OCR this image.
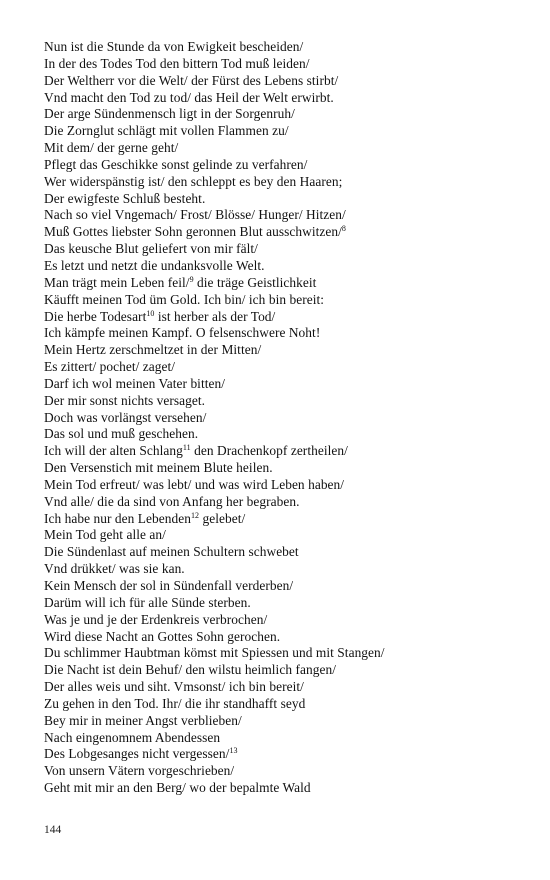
Nun ist die Stunde da von Ewigkeit bescheiden/
In der des Todes Tod den bittern Tod muß leiden/
Der Weltherr vor die Welt/ der Fürst des Lebens stirbt/
Vnd macht den Tod zu tod/ das Heil der Welt erwirbt.
Der arge Sündenmensch ligt in der Sorgenruh/
Die Zornglut schlägt mit vollen Flammen zu/
Mit dem/ der gerne geht/
Pflegt das Geschikke sonst gelinde zu verfahren/
Wer widerspänstig ist/ den schleppt es bey den Haaren;
Der ewigfeste Schluß besteht.
Nach so viel Vngemach/ Frost/ Blösse/ Hunger/ Hitzen/
Muß Gottes liebster Sohn geronnen Blut ausschwitzen/$^8$
Das keusche Blut geliefert von mir fält/
Es letzt und netzt die undanksvolle Welt.
Man trägt mein Leben feil/$^9$ die träge Geistlichkeit
Käufft meinen Tod üm Gold. Ich bin/ ich bin bereit:
Die herbe Todesart$^{10}$ ist herber als der Tod/
Ich kämpfe meinen Kampf. O felsenschwere Noht!
Mein Hertz zerschmeltzet in der Mitten/
Es zittert/ pochet/ zaget/
Darf ich wol meinen Vater bitten/
Der mir sonst nichts versaget.
Doch was vorlängst versehen/
Das sol und muß geschehen.
Ich will der alten Schlang$^{11}$ den Drachenkopf zertheilen/
Den Versenstich mit meinem Blute heilen.
Mein Tod erfreut/ was lebt/ und was wird Leben haben/
Vnd alle/ die da sind von Anfang her begraben.
Ich habe nur den Lebenden$^{12}$ gelebet/
Mein Tod geht alle an/
Die Sündenlast auf meinen Schultern schwebet
Vnd drükket/ was sie kan.
Kein Mensch der sol in Sündenfall verderben/
Darüm will ich für alle Sünde sterben.
Was je und je der Erdenkreis verbrochen/
Wird diese Nacht an Gottes Sohn gerochen.
Du schlimmer Haubtman kömst mit Spiessen und mit Stangen/
Die Nacht ist dein Behuf/ den wilstu heimlich fangen/
Der alles weis und siht. Vmsonst/ ich bin bereit/
Zu gehen in den Tod. Ihr/ die ihr standhafft seyd
Bey mir in meiner Angst verblieben/
Nach eingenomnem Abendessen
Des Lobgesanges nicht vergessen/$^{13}$
Von unsern Vätern vorgeschrieben/
Geht mit mir an den Berg/ wo der bepalmte Wald
144
